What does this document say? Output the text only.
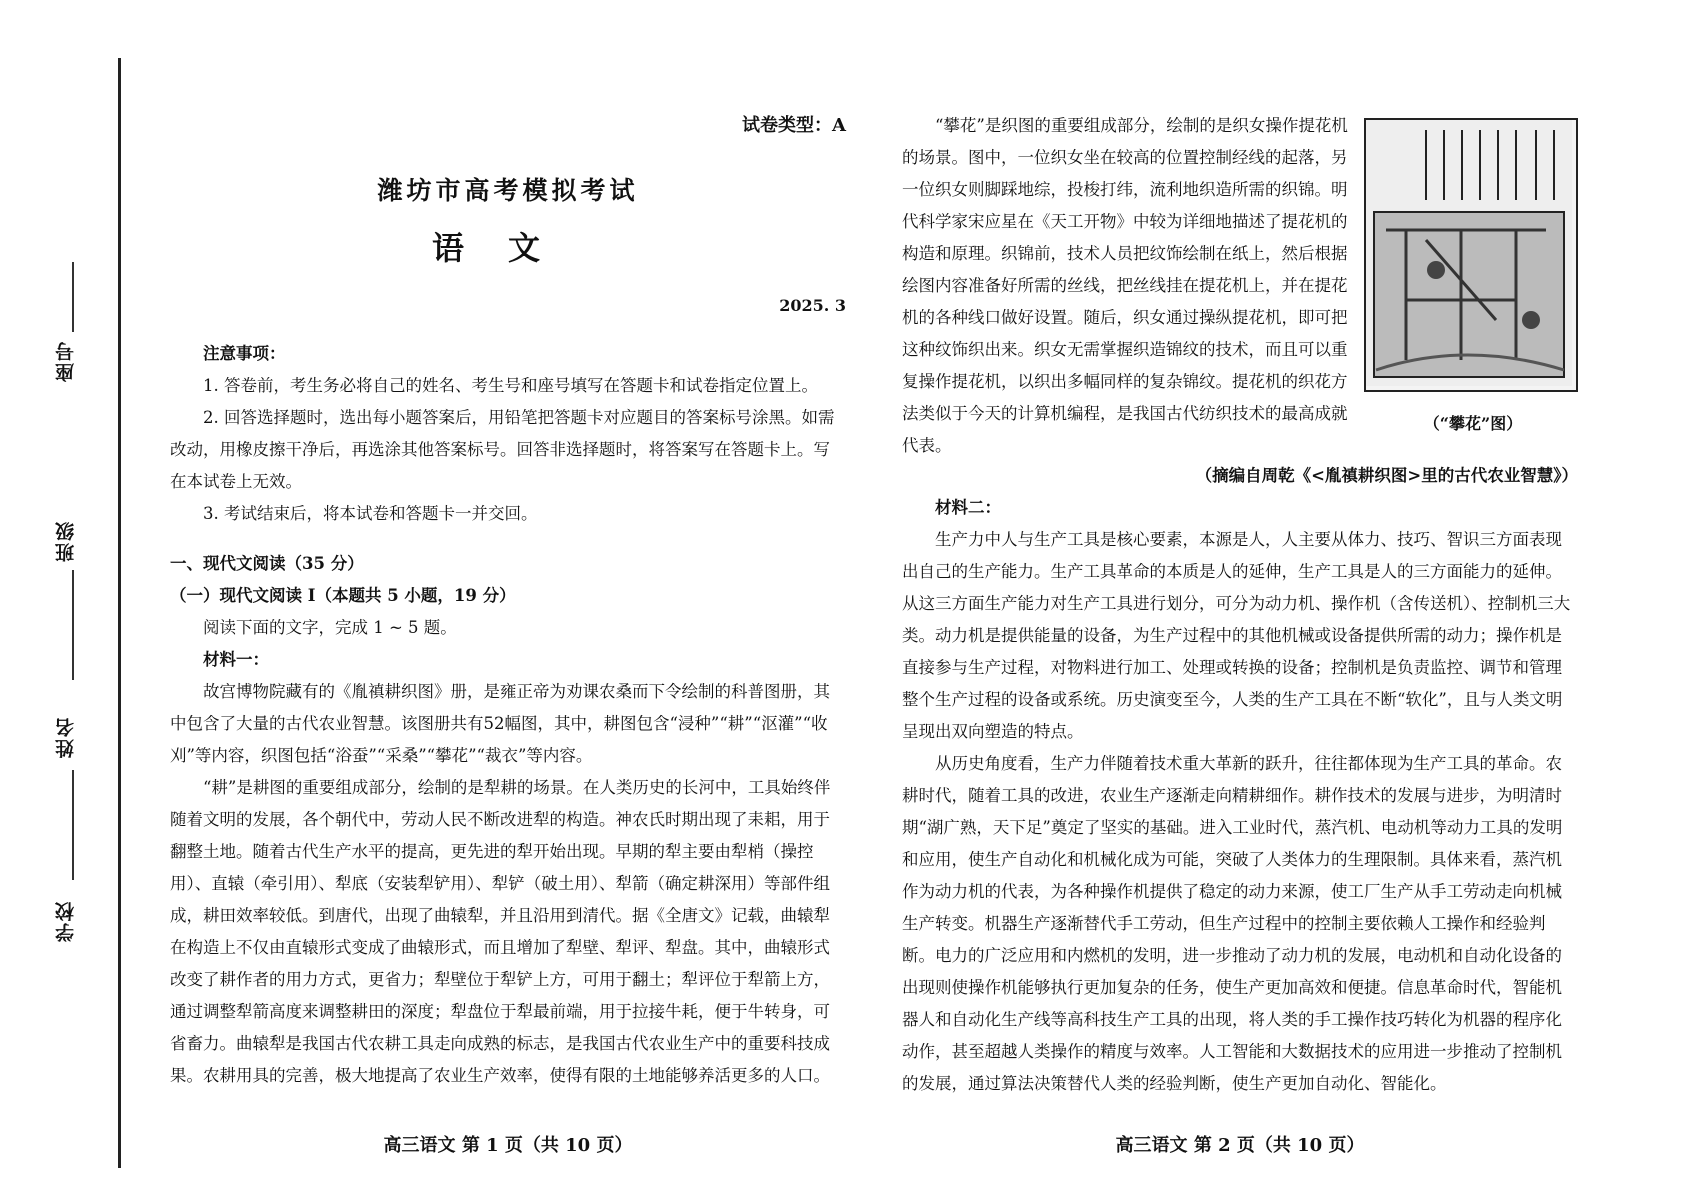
座号
班级
姓名
学校
试卷类型：A
潍坊市高考模拟考试
语文
2025. 3

注意事项：

1. 答卷前，考生务必将自己的姓名、考生号和座号填写在答题卡和试卷指定位置上。

2. 回答选择题时，选出每小题答案后，用铅笔把答题卡对应题目的答案标号涂黑。如需改动，用橡皮擦干净后，再选涂其他答案标号。回答非选择题时，将答案写在答题卡上。写在本试卷上无效。

3. 考试结束后，将本试卷和答题卡一并交回。

一、现代文阅读（35 分）

（一）现代文阅读 Ⅰ（本题共 5 小题，19 分）

阅读下面的文字，完成 1 ~ 5 题。

材料一：

故宫博物院藏有的《胤禛耕织图》册，是雍正帝为劝课农桑而下令绘制的科普图册，其中包含了大量的古代农业智慧。该图册共有52幅图，其中，耕图包含“浸种”“耕”“沤灌”“收刈”等内容，织图包括“浴蚕”“采桑”“攀花”“裁衣”等内容。

“耕”是耕图的重要组成部分，绘制的是犁耕的场景。在人类历史的长河中，工具始终伴随着文明的发展，各个朝代中，劳动人民不断改进犁的构造。神农氏时期出现了耒耜，用于翻整土地。随着古代生产水平的提高，更先进的犁开始出现。早期的犁主要由犁梢（操控用）、直辕（牵引用）、犁底（安装犁铲用）、犁铲（破土用）、犁箭（确定耕深用）等部件组成，耕田效率较低。到唐代，出现了曲辕犁，并且沿用到清代。据《全唐文》记载，曲辕犁在构造上不仅由直辕形式变成了曲辕形式，而且增加了犁壁、犁评、犁盘。其中，曲辕形式改变了耕作者的用力方式，更省力；犁壁位于犁铲上方，可用于翻土；犁评位于犁箭上方，通过调整犁箭高度来调整耕田的深度；犁盘位于犁最前端，用于拉接牛耗，便于牛转身，可省畜力。曲辕犁是我国古代农耕工具走向成熟的标志，是我国古代农业生产中的重要科技成果。农耕用具的完善，极大地提高了农业生产效率，使得有限的土地能够养活更多的人口。

高三语文 第 1 页（共 10 页）

“攀花”是织图的重要组成部分，绘制的是织女操作提花机的场景。图中，一位织女坐在较高的位置控制经线的起落，另一位织女则脚踩地综，投梭打纬，流利地织造所需的织锦。明代科学家宋应星在《天工开物》中较为详细地描述了提花机的构造和原理。织锦前，技术人员把纹饰绘制在纸上，然后根据绘图内容准备好所需的丝线，把丝线挂在提花机上，并在提花机的各种线口做好设置。随后，织女通过操纵提花机，即可把这种纹饰织出来。织女无需掌握织造锦纹的技术，而且可以重复操作提花机，以织出多幅同样的复杂锦纹。提花机的织花方法类似于今天的计算机编程，是我国古代纺织技术的最高成就代表。

（“攀花”图）
（摘编自周乾《<胤禛耕织图>里的古代农业智慧》）

材料二：

生产力中人与生产工具是核心要素，本源是人，人主要从体力、技巧、智识三方面表现出自己的生产能力。生产工具革命的本质是人的延伸，生产工具是人的三方面能力的延伸。从这三方面生产能力对生产工具进行划分，可分为动力机、操作机（含传送机）、控制机三大类。动力机是提供能量的设备，为生产过程中的其他机械或设备提供所需的动力；操作机是直接参与生产过程，对物料进行加工、处理或转换的设备；控制机是负责监控、调节和管理整个生产过程的设备或系统。历史演变至今，人类的生产工具在不断“软化”，且与人类文明呈现出双向塑造的特点。

从历史角度看，生产力伴随着技术重大革新的跃升，往往都体现为生产工具的革命。农耕时代，随着工具的改进，农业生产逐渐走向精耕细作。耕作技术的发展与进步，为明清时期“湖广熟，天下足”奠定了坚实的基础。进入工业时代，蒸汽机、电动机等动力工具的发明和应用，使生产自动化和机械化成为可能，突破了人类体力的生理限制。具体来看，蒸汽机作为动力机的代表，为各种操作机提供了稳定的动力来源，使工厂生产从手工劳动走向机械生产转变。机器生产逐渐替代手工劳动，但生产过程中的控制主要依赖人工操作和经验判断。电力的广泛应用和内燃机的发明，进一步推动了动力机的发展，电动机和自动化设备的出现则使操作机能够执行更加复杂的任务，使生产更加高效和便捷。信息革命时代，智能机器人和自动化生产线等高科技生产工具的出现，将人类的手工操作技巧转化为机器的程序化动作，甚至超越人类操作的精度与效率。人工智能和大数据技术的应用进一步推动了控制机的发展，通过算法决策替代人类的经验判断，使生产更加自动化、智能化。

高三语文 第 2 页（共 10 页）
